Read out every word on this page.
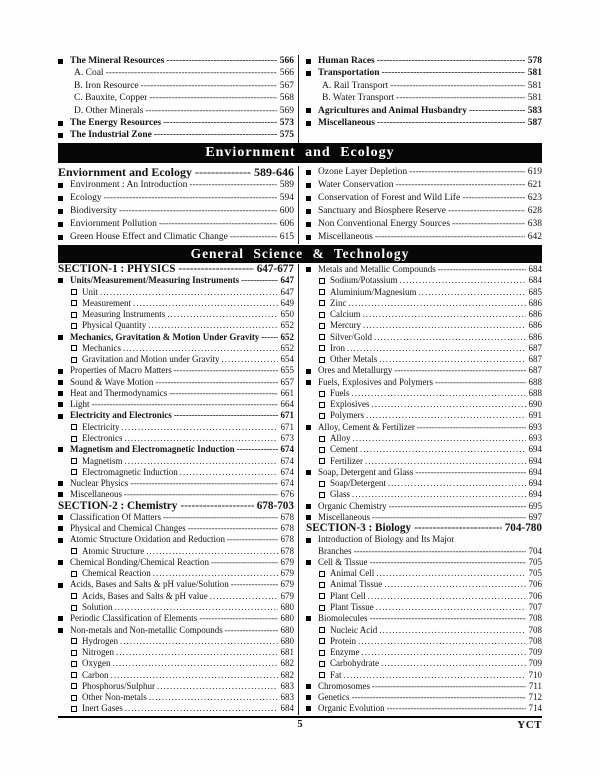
The Mineral Resources -----	566
A. Coal -----	566
B. Iron Resource -----	567
C. Bauxite, Copper -----	568
D. Other Minerals -----	569
The Energy Resources -----	573
The Industrial Zone -----	575
Human Races -----	578
Transportation -----	581
A. Rail Transport -----	581
B. Water Transport -----	581
Agricultures and Animal Husbandry -----	583
Miscellaneous -----	587
Enviornment and Ecology
Enviornment and Ecology -----	589-646
Environment : An Introduction -----	589
Ecology -----	594
Biodiversity -----	600
Enviornment Pollution -----	606
Green House Effect and Climatic Change -----	615
Ozone Layer Depletion -----	619
Water Conservation -----	621
Conservation of Forest and Wild Life -----	623
Sanctuary and Biosphere Reserve -----	628
Non Conventional Energy Sources -----	638
Miscellaneous -----	642
General Science & Technology
SECTION-1 : PHYSICS -----	647-677
Units/Measurement/Measuring Instruments -----	647
Unit .....	647
Measurement .....	649
Measuring Instruments .....	650
Physical Quantity .....	652
Mechanics, Gravitation & Motion Under Gravity ----- 652
Mechanics .....	652
Gravitation and Motion under Gravity .....	654
Properties of Macro Matters -----	655
Sound & Wave Motion -----	657
Heat and Thermodynamics -----	661
Light -----	664
Electricity and Electronics -----	671
Electricity .....	671
Electronics .....	673
Magnetism and Electromagnetic Induction -----	674
Magnetism .....	674
Electromagnetic Induction .....	674
Nuclear Physics -----	674
Miscellaneous -----	676
SECTION-2 : Chemistry -----	678-703
Classification Of Matters -----	678
Physical and Chemical Changes -----	678
Atomic Structure Oxidation and Reduction -----	678
Atomic Structure .....	678
Chemical Bonding/Chemical Reaction -----	679
Chemical Reaction .....	679
Acids, Bases and Salts & pH value/Solution -----	679
Acids, Bases and Salts & pH value .....	679
Solution .....	680
Periodic Classification of Elements -----	680
Non-metals and Non-metallic Compounds -----	680
Hydrogen .....	680
Nitrogen .....	681
Oxygen .....	682
Carbon .....	682
Phosphorus/Sulphur .....	683
Other Non-metals .....	683
Inert Gases .....	684
Metals and Metallic Compounds -----	684
Sodium/Potassium .....	684
Aluminium/Magnesium .....	685
Zinc .....	686
Calcium .....	686
Mercury .....	686
Silver/Gold .....	686
Iron .....	687
Other Metals .....	687
Ores and Metallurgy -----	687
Fuels, Explosives and Polymers -----	688
Fuels .....	688
Explosives .....	690
Polymers .....	691
Alloy, Cement & Fertilizer -----	693
Alloy .....	693
Cement .....	694
Fertilizer .....	694
Soap, Detergent and Glass -----	694
Soap/Detergent .....	694
Glass .....	694
Organic Chemistry -----	695
Miscellaneous -----	697
SECTION-3 : Biology -----	704-780
Introduction of Biology and Its Major
Branches -----	704
Cell & Tissue -----	705
Animal Cell .....	705
Animal Tissue .....	706
Plant Cell .....	706
Plant Tissue .....	707
Biomolecules -----	708
Nucleic Acid .....	708
Protein .....	708
Enzyme .....	709
Carbohydrate .....	709
Fat .....	710
Chromosomes -----	711
Genetics -----	712
Organic Evolution -----	714
5	YCT
